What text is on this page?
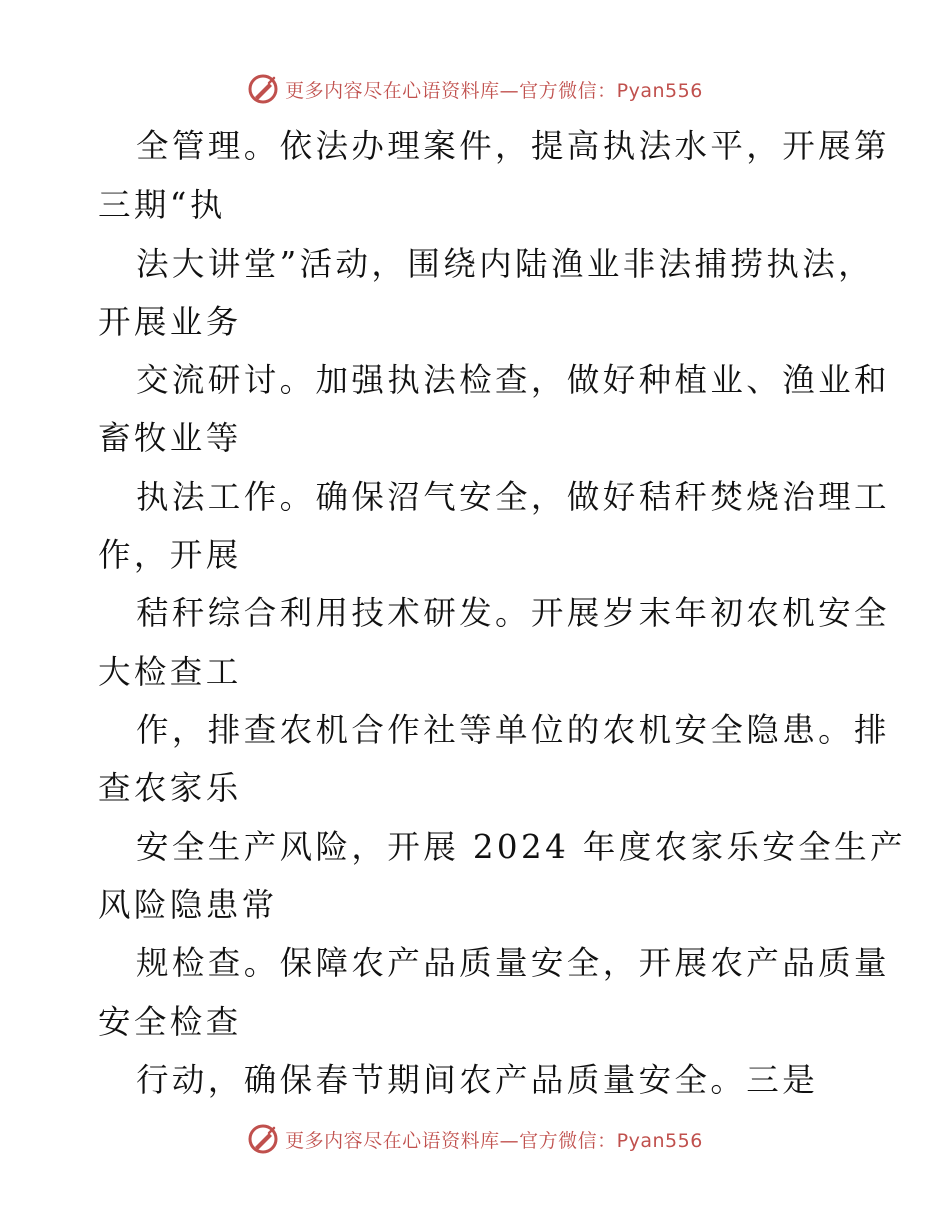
更多内容尽在心语资料库—官方微信：Pyan556
全管理。依法办理案件，提高执法水平，开展第
三期“执
法大讲堂”活动，围绕内陆渔业非法捕捞执法，
开展业务
交流研讨。加强执法检查，做好种植业、渔业和
畜牧业等
执法工作。确保沼气安全，做好秸秆焚烧治理工
作，开展
秸秆综合利用技术研发。开展岁末年初农机安全
大检查工
作，排查农机合作社等单位的农机安全隐患。排
查农家乐
安全生产风险，开展 2024 年度农家乐安全生产
风险隐患常
规检查。保障农产品质量安全，开展农产品质量
安全检查
行动，确保春节期间农产品质量安全。三是
更多内容尽在心语资料库—官方微信：Pyan556
